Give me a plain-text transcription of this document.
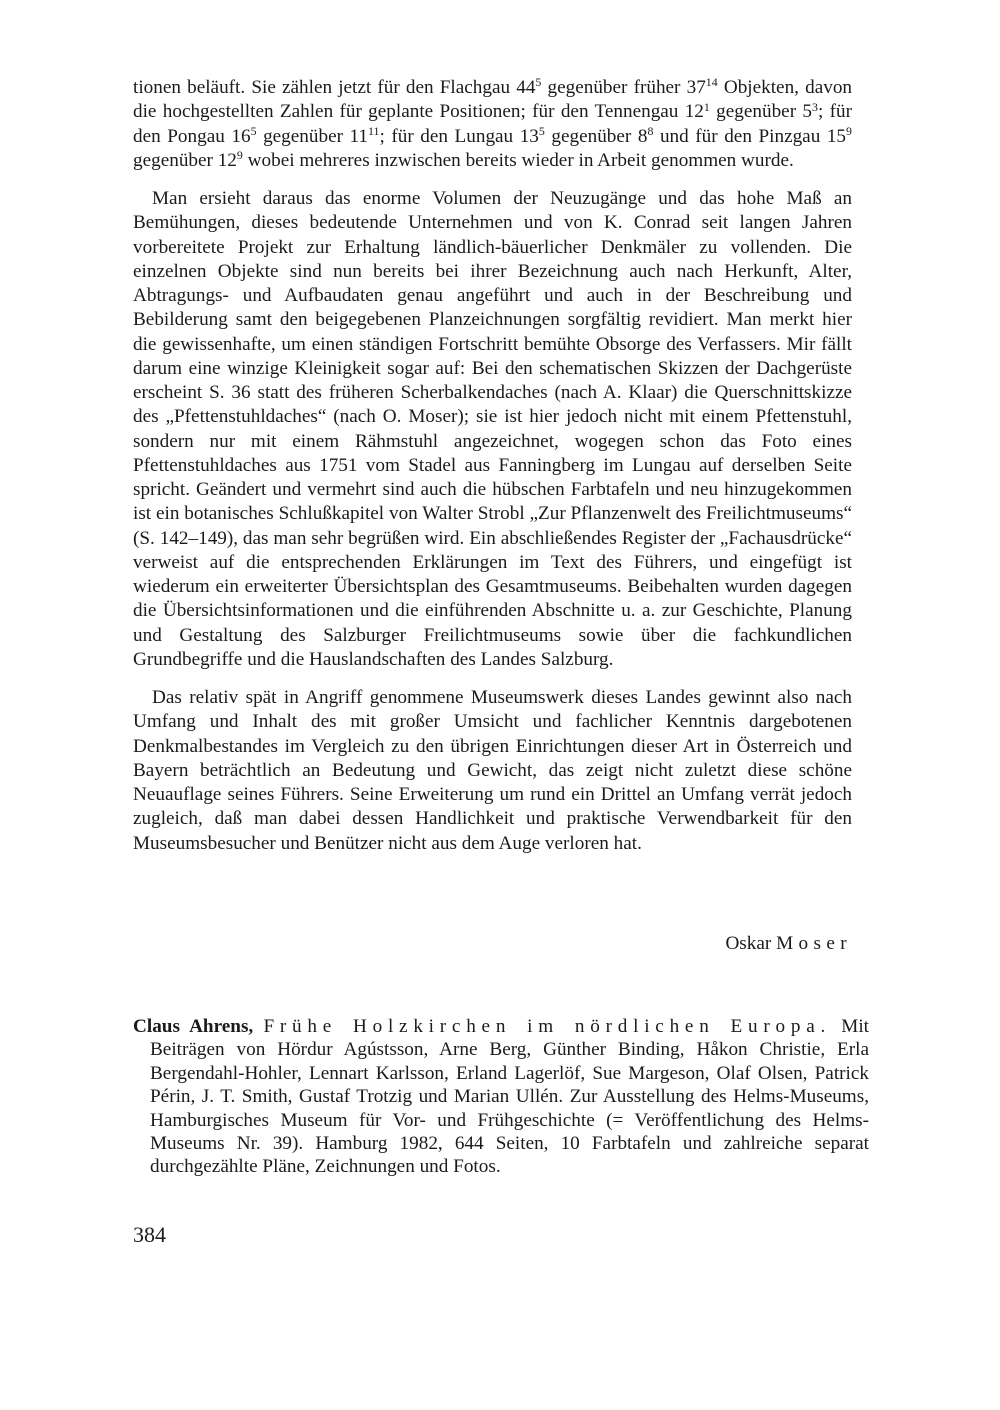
tionen beläuft. Sie zählen jetzt für den Flachgau $44^5$ gegenüber früher $37^{14}$ Objekten, davon die hochgestellten Zahlen für geplante Positionen; für den Tennengau $12^1$ gegenüber $5^3$; für den Pongau $16^5$ gegenüber $11^{11}$; für den Lungau $13^5$ gegenüber $8^8$ und für den Pinzgau $15^9$ gegenüber $12^9$ wobei mehreres inzwischen bereits wieder in Arbeit genommen wurde.

Man ersieht daraus das enorme Volumen der Neuzugänge und das hohe Maß an Bemühungen, dieses bedeutende Unternehmen und von K. Conrad seit langen Jahren vorbereitete Projekt zur Erhaltung ländlich-bäuerlicher Denkmäler zu vollenden. Die einzelnen Objekte sind nun bereits bei ihrer Bezeichnung auch nach Herkunft, Alter, Abtragungs- und Aufbaudaten genau angeführt und auch in der Beschreibung und Bebilderung samt den beigegebenen Planzeichnungen sorgfältig revidiert. Man merkt hier die gewissenhafte, um einen ständigen Fortschritt bemühte Obsorge des Verfassers. Mir fällt darum eine winzige Kleinigkeit sogar auf: Bei den schematischen Skizzen der Dachgerüste erscheint S. 36 statt des früheren Scherbalkendaches (nach A. Klaar) die Querschnittskizze des „Pfettenstuhldaches“ (nach O. Moser); sie ist hier jedoch nicht mit einem Pfettenstuhl, sondern nur mit einem Rähmstuhl angezeichnet, wogegen schon das Foto eines Pfettenstuhldaches aus 1751 vom Stadel aus Fanningberg im Lungau auf derselben Seite spricht. Geändert und vermehrt sind auch die hübschen Farbtafeln und neu hinzugekommen ist ein botanisches Schlußkapitel von Walter Strobl „Zur Pflanzenwelt des Freilichtmuseums“ (S. 142–149), das man sehr begrüßen wird. Ein abschließendes Register der „Fachausdrücke“ verweist auf die entsprechenden Erklärungen im Text des Führers, und eingefügt ist wiederum ein erweiterter Übersichtsplan des Gesamtmuseums. Beibehalten wurden dagegen die Übersichtsinformationen und die einführenden Abschnitte u. a. zur Geschichte, Planung und Gestaltung des Salzburger Freilichtmuseums sowie über die fachkundlichen Grundbegriffe und die Hauslandschaften des Landes Salzburg.

Das relativ spät in Angriff genommene Museumswerk dieses Landes gewinnt also nach Umfang und Inhalt des mit großer Umsicht und fachlicher Kenntnis dargebotenen Denkmalbestandes im Vergleich zu den übrigen Einrichtungen dieser Art in Österreich und Bayern beträchtlich an Bedeutung und Gewicht, das zeigt nicht zuletzt diese schöne Neuauflage seines Führers. Seine Erweiterung um rund ein Drittel an Umfang verrät jedoch zugleich, daß man dabei dessen Handlichkeit und praktische Verwendbarkeit für den Museumsbesucher und Benützer nicht aus dem Auge verloren hat.

Oskar Moser
Claus Ahrens, Frühe Holzkirchen im nördlichen Europa. Mit Beiträgen von Hördur Agústsson, Arne Berg, Günther Binding, Håkon Christie, Erla Bergendahl-Hohler, Lennart Karlsson, Erland Lagerlöf, Sue Margeson, Olaf Olsen, Patrick Périn, J. T. Smith, Gustaf Trotzig und Marian Ullén. Zur Ausstellung des Helms-Museums, Hamburgisches Museum für Vor- und Frühgeschichte (= Veröffentlichung des Helms-Museums Nr. 39). Hamburg 1982, 644 Seiten, 10 Farbtafeln und zahlreiche separat durchgezählte Pläne, Zeichnungen und Fotos.
384
